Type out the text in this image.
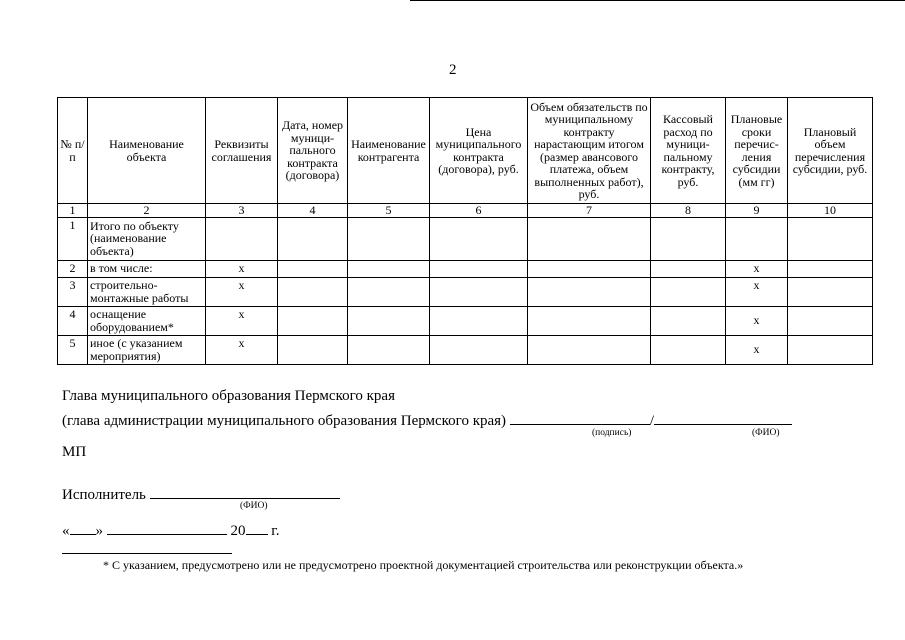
2
№ п/п	Наименование объекта	Реквизиты соглашения	Дата, номер муници-пального контракта (договора)	Наименование контрагента	Цена муниципального контракта (договора), руб.	Объем обязательств по муниципальному контракту нарастающим итогом (размер авансового платежа, объем выполненных работ), руб.	Кассовый расход по муници-пальному контракту, руб.	Плановые сроки перечис-ления субсидии (мм гг)	Плановый объем перечисления субсидии, руб.
1	2	3	4	5	6	7	8	9	10
1	Итого по объекту (наименование объекта)								
2	в том числе:	x						x	
3	строительно-монтажные работы	x						x	
4	оснащение оборудованием*	x						x	
5	иное (с указанием мероприятия)	x						x	
Глава муниципального образования Пермского края
(глава администрации муниципального образования Пермского края)	/
(подпись)	(ФИО)
МП
Исполнитель
(ФИО)
« »	20 г.
* С указанием, предусмотрено или не предусмотрено проектной документацией строительства или реконструкции объекта.»
